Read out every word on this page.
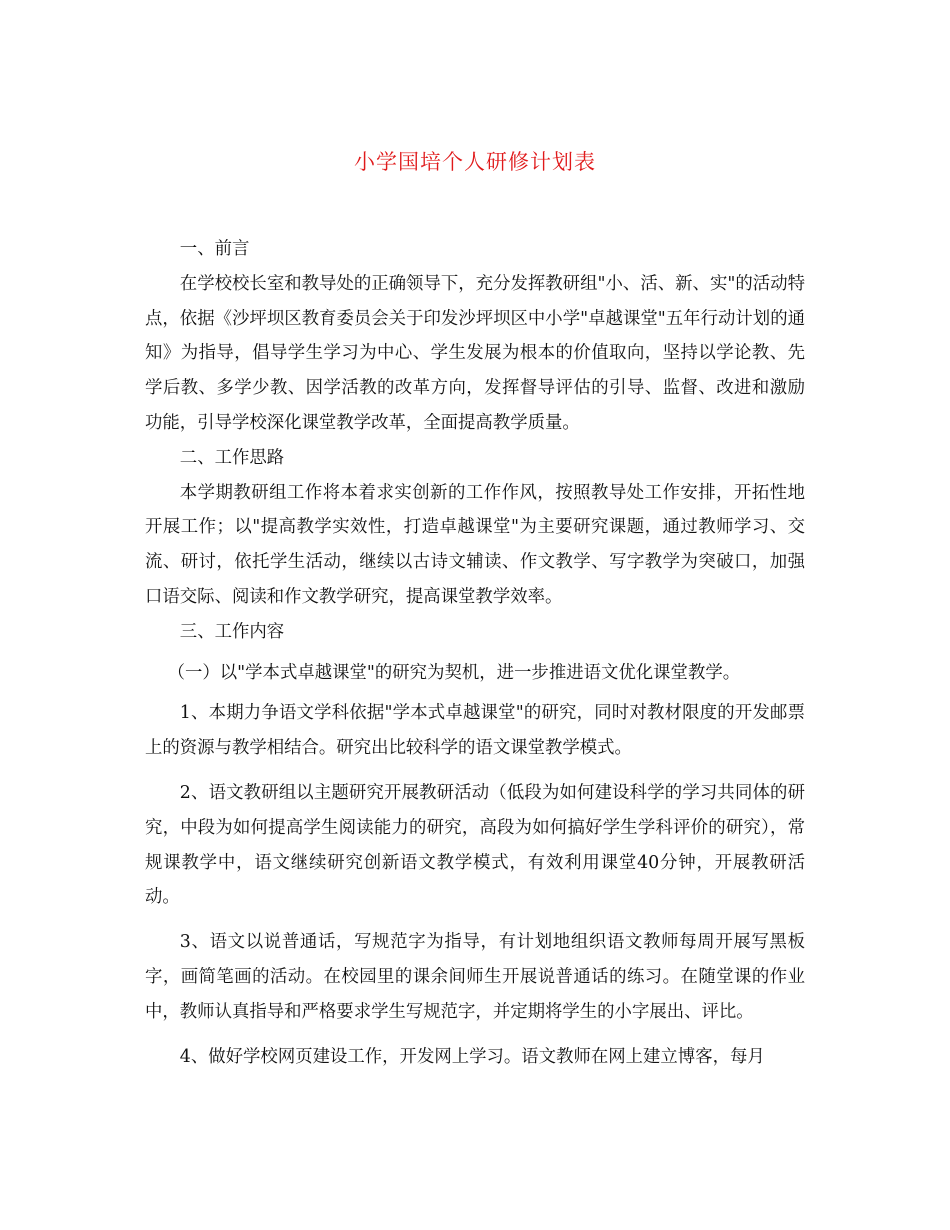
小学国培个人研修计划表

一、前言

在学校校长室和教导处的正确领导下，充分发挥教研组"小、活、新、实"的活动特点，依据《沙坪坝区教育委员会关于印发沙坪坝区中小学"卓越课堂"五年行动计划的通知》为指导，倡导学生学习为中心、学生发展为根本的价值取向，坚持以学论教、先学后教、多学少教、因学活教的改革方向，发挥督导评估的引导、监督、改进和激励功能，引导学校深化课堂教学改革，全面提高教学质量。

二、工作思路

本学期教研组工作将本着求实创新的工作作风，按照教导处工作安排，开拓性地开展工作；以"提高教学实效性，打造卓越课堂"为主要研究课题，通过教师学习、交流、研讨，依托学生活动，继续以古诗文辅读、作文教学、写字教学为突破口，加强口语交际、阅读和作文教学研究，提高课堂教学效率。

三、工作内容

（一）以"学本式卓越课堂"的研究为契机，进一步推进语文优化课堂教学。

1、本期力争语文学科依据"学本式卓越课堂"的研究，同时对教材限度的开发邮票上的资源与教学相结合。研究出比较科学的语文课堂教学模式。

2、语文教研组以主题研究开展教研活动（低段为如何建设科学的学习共同体的研究，中段为如何提高学生阅读能力的研究，高段为如何搞好学生学科评价的研究），常规课教学中，语文继续研究创新语文教学模式，有效利用课堂40分钟，开展教研活动。

3、语文以说普通话，写规范字为指导，有计划地组织语文教师每周开展写黑板字，画简笔画的活动。在校园里的课余间师生开展说普通话的练习。在随堂课的作业中，教师认真指导和严格要求学生写规范字，并定期将学生的小字展出、评比。

4、做好学校网页建设工作，开发网上学习。语文教师在网上建立博客，每月
